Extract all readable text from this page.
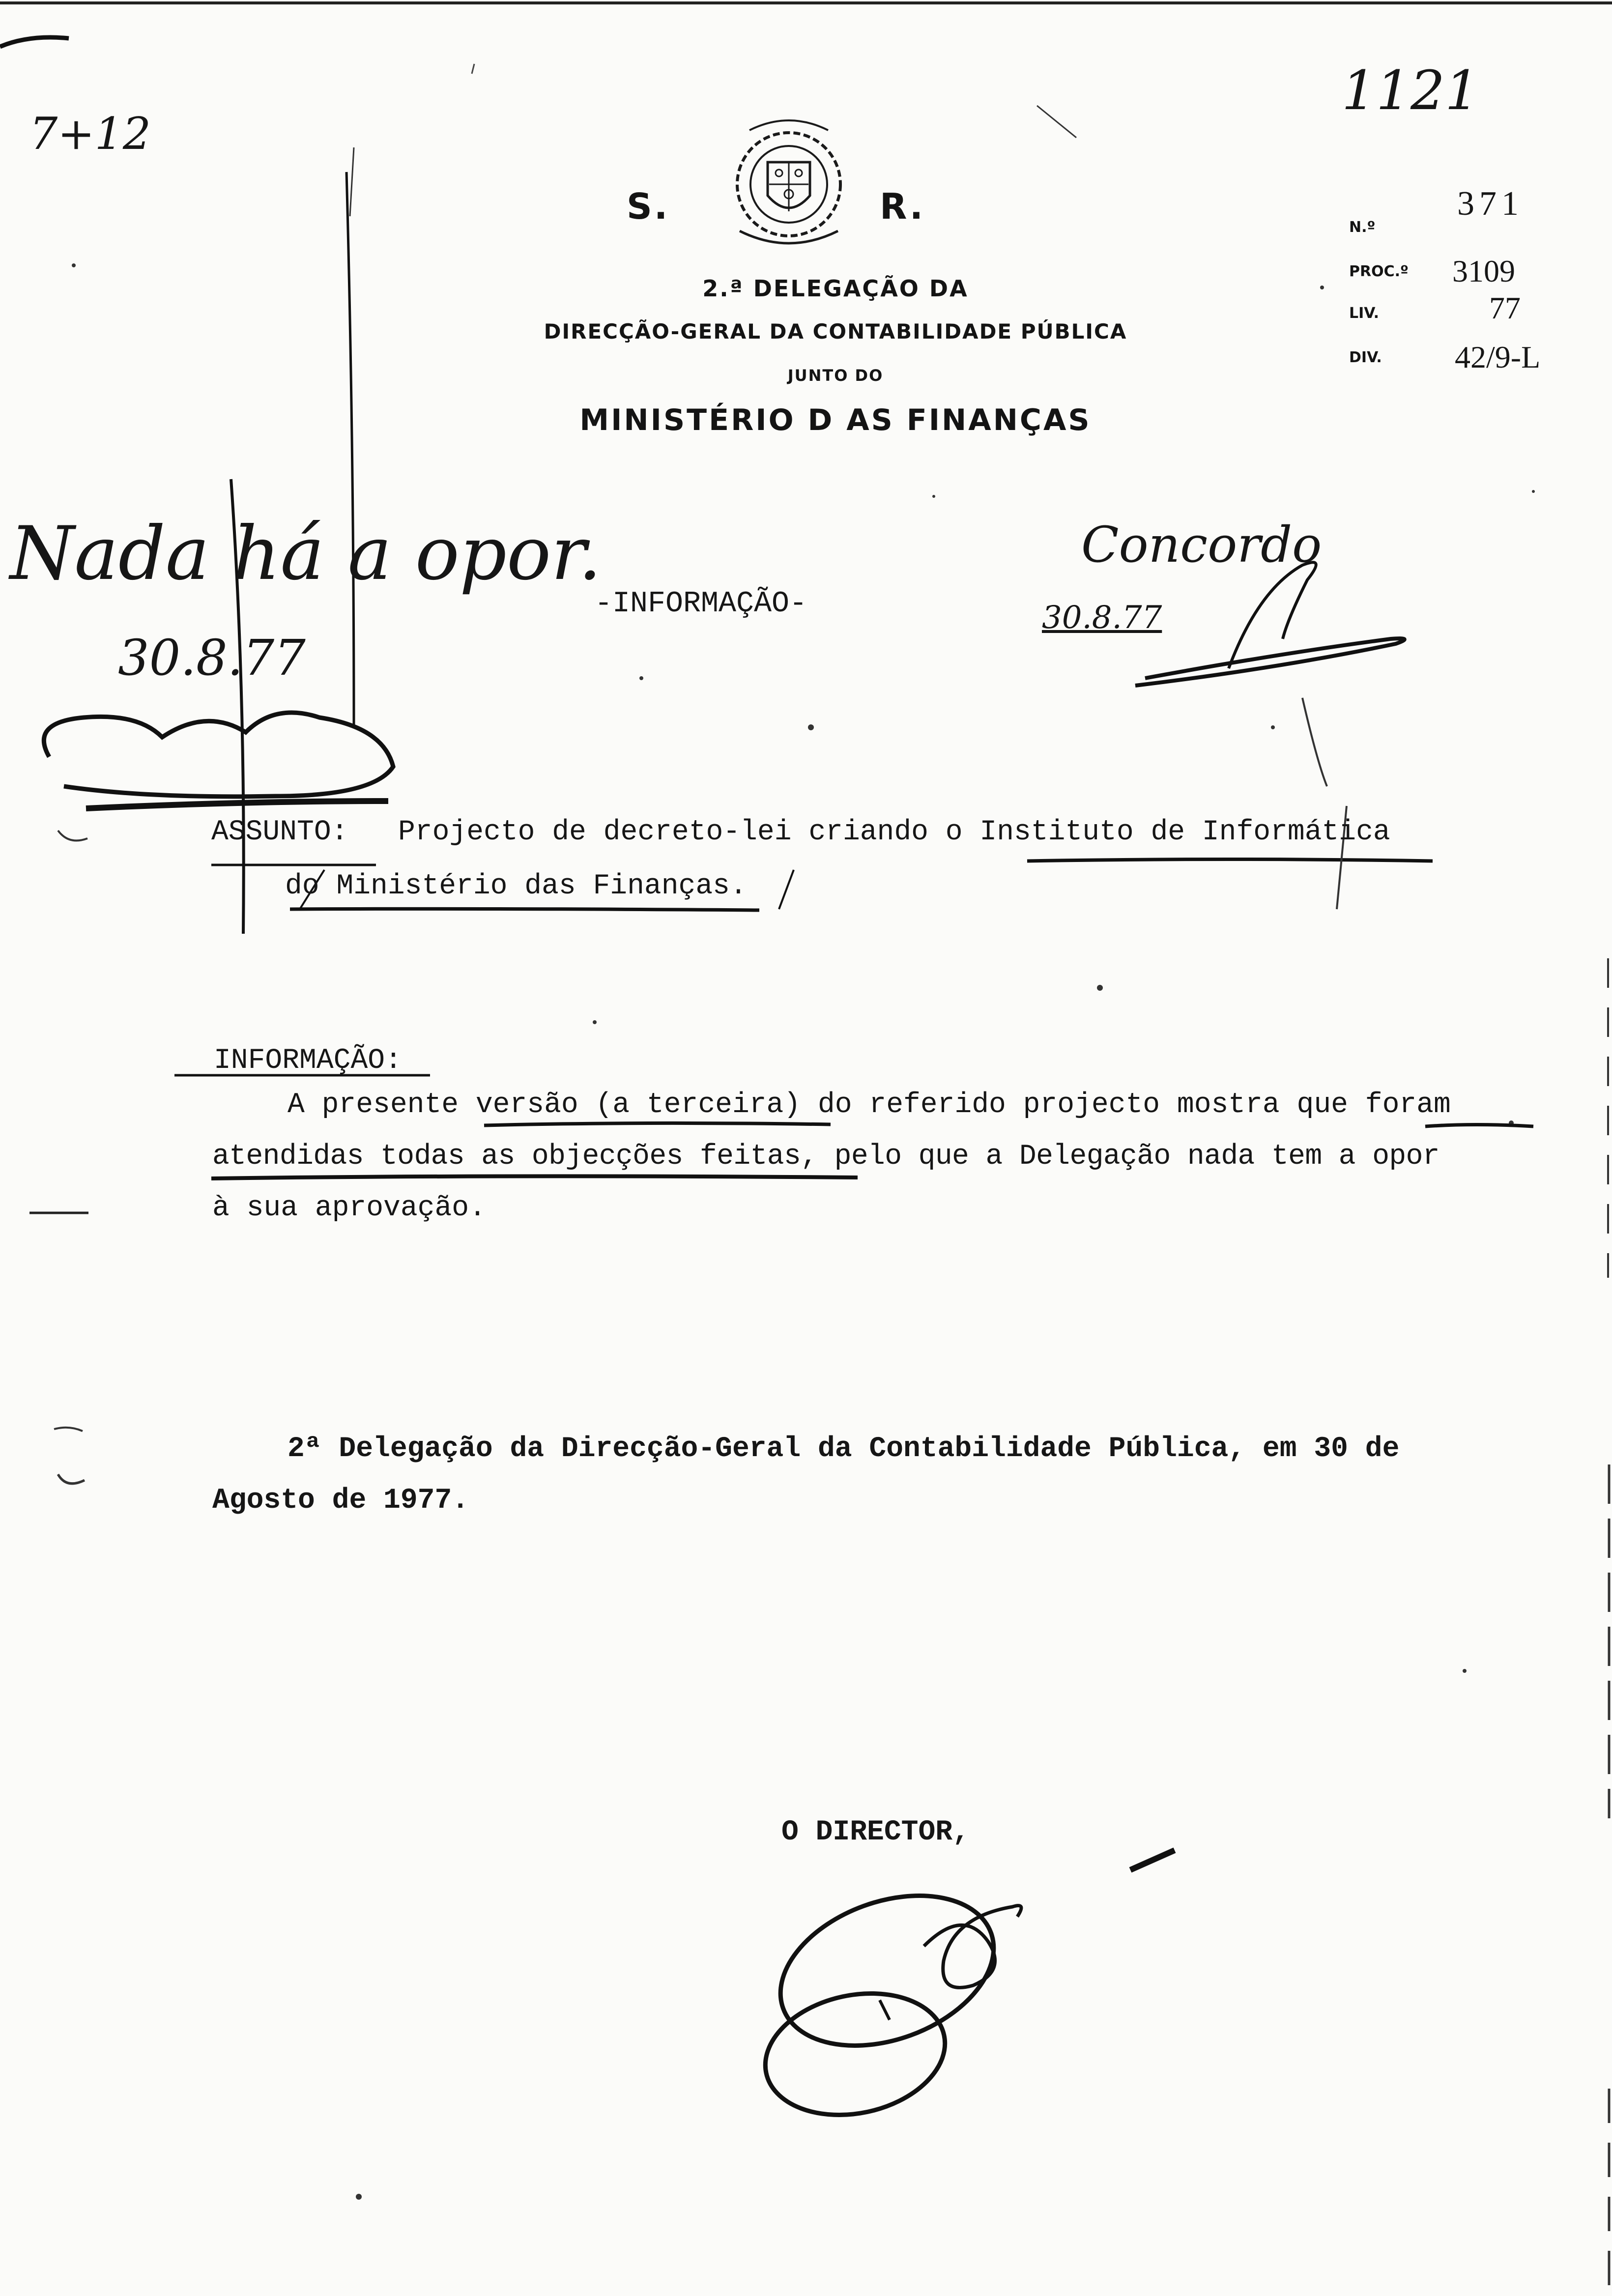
7+12
1121
S.	R.
2.ª DELEGAÇÃO DA
DIRECÇÃO-GERAL DA CONTABILIDADE PÚBLICA
JUNTO DO
MINISTÉRIO D AS FINANÇAS
N.º
371
PROC.º 3109
LIV.	77
DIV. 42/9-L
Nada há a opor.
30.8.77
Concordo
30.8.77
-INFORMAÇÃO-
ASSUNTO: Projecto de decreto-lei criando o Instituto de Informática
do Ministério das Finanças.
INFORMAÇÃO:
A presente versão (a terceira) do referido projecto mostra que foram
atendidas todas as objecções feitas, pelo que a Delegação nada tem a opor
à sua aprovação.
2ª Delegação da Direcção-Geral da Contabilidade Pública, em 30 de
Agosto de 1977.
O DIRECTOR,
